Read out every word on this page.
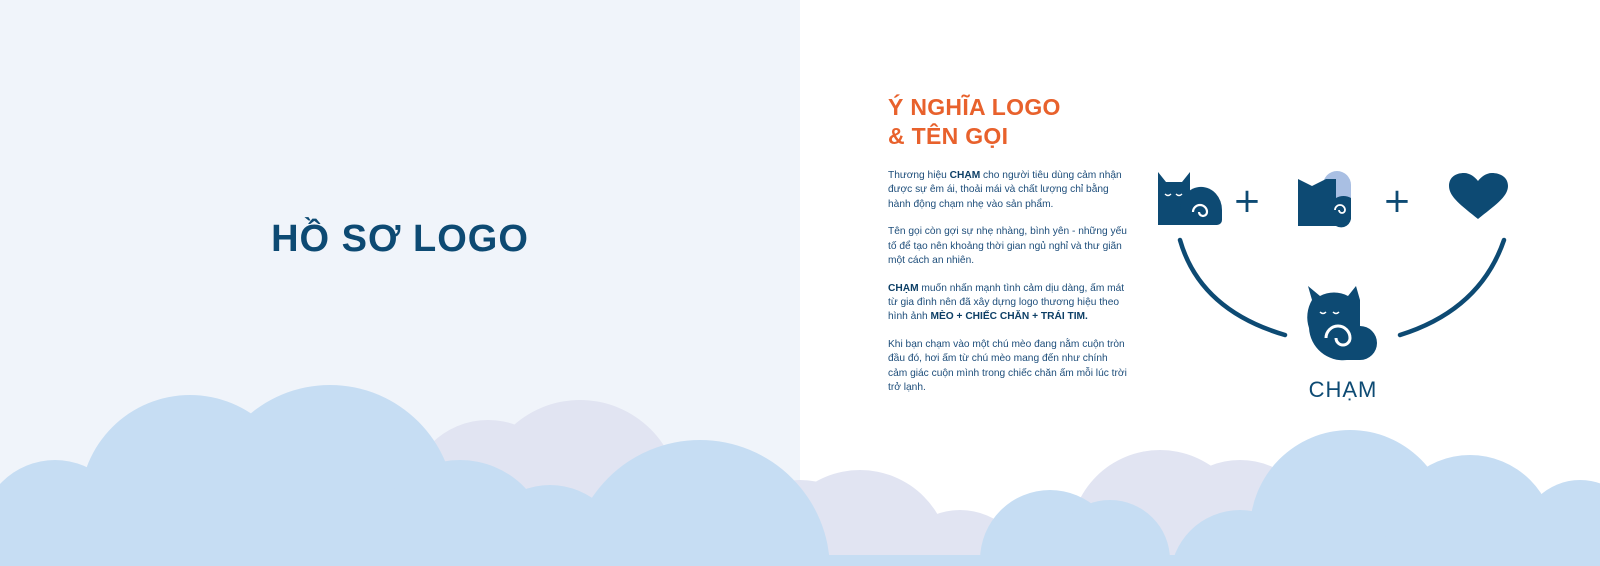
HỒ SƠ LOGO
Ý NGHĨA LOGO
& TÊN GỌI

Thương hiệu CHẠM cho người tiêu dùng cảm nhận được sự êm ái, thoải mái và chất lượng chỉ bằng hành động chạm nhẹ vào sản phẩm.

Tên gọi còn gợi sự nhẹ nhàng, bình yên - những yếu tố để tạo nên khoảng thời gian ngủ nghỉ và thư giãn một cách an nhiên.

CHẠM muốn nhấn mạnh tình cảm dịu dàng, ấm mát từ gia đình nên đã xây dựng logo thương hiệu theo hình ảnh MÈO + CHIẾC CHĂN + TRÁI TIM.

Khi bạn chạm vào một chú mèo đang nằm cuộn tròn đầu đó, hơi ấm từ chú mèo mang đến như chính cảm giác cuộn mình trong chiếc chăn ấm mỗi lúc trời trở lạnh.

+	+

CHẠM
